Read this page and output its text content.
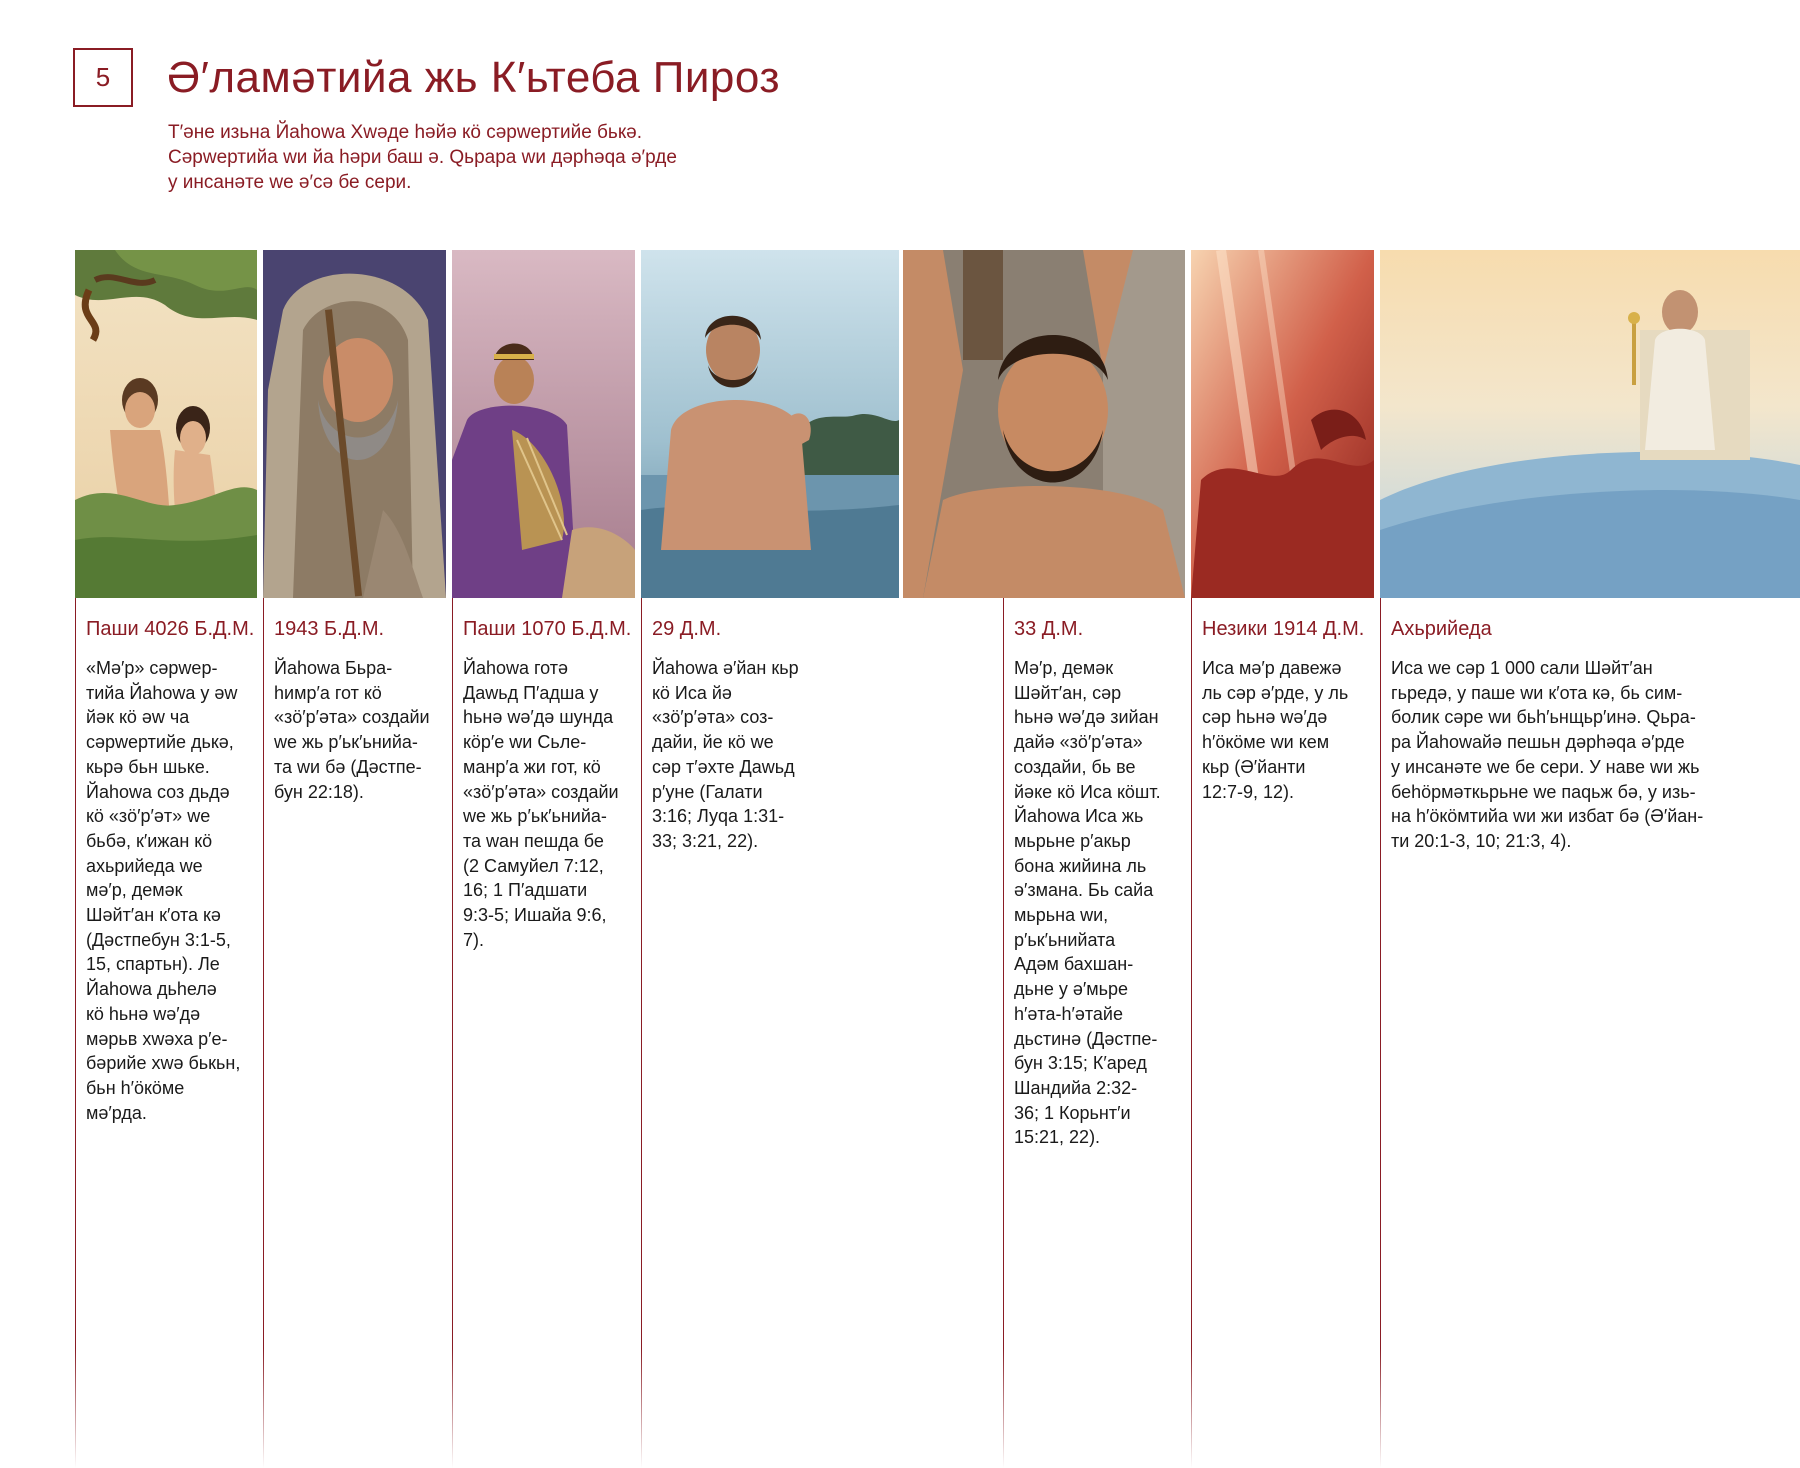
5	Ә′ламәтийа жь К′ьтеба Пироз
Т′әне изьна Йаһowa Хwәде һәйә кӧ сәрwертийе бькә.
Сәрwертийа wи йа һәри баш ә. Qьрара wи дәрһәqа ә′рде
у инсанәте wе ә′сә бе сери.
Паши 4026 Б.Д.М.
«Мә′р» сәрwер-
тийа Йаһowa у әw
йәк кӧ әw ча
сәрwертийе дькә,
кьрә бьн шьке.
Йаһowa соз дьдә
кӧ «зӧ′р′әт» wе
бьбә, к′ижан кӧ
ахьрийеда wе
мә′р, демәк
Шәйт′ан к′ота кә
(Дәстпебун 3:1-5,
15, спартьн). Ле
Йаһowa дьһелә
кӧ һьнә wә′дә
мәрьв хwәха р′е-
бәрийе хwә бькьн,
бьн һ′ӧкӧме
мә′рда.
1943 Б.Д.М.
Йаһowa Бьра-
һимр′а гот кӧ
«зӧ′р′әта» создайи
wе жь р′ьк′ьнийа-
та wи бә (Дәстпе-
бун 22:18).
Паши 1070 Б.Д.М.
Йаһowa готә
Даwьд П′адша у
һьнә wә′дә шунда
кӧр′е wи Сьле-
манр′а жи гот, кӧ
«зӧ′р′әта» создайи
wе жь р′ьк′ьнийа-
та wан пешда бе
(2 Самуйел 7:12,
16; 1 П′адшати
9:3-5; Ишайа 9:6,
7).
29 Д.М.
Йаһowa ә′йан кьр
кӧ Иса йә
«зӧ′р′әта» соз-
дайи, йе кӧ wе
сәр т′әхте Даwьд
р′уне (Галати
3:16; Луqа 1:31-
33; 3:21, 22).
33 Д.М.
Мә′р, демәк
Шәйт′ан, сәр
һьнә wә′дә зийан
дайә «зӧ′р′әта»
создайи, бь ве
йәке кӧ Иса кӧшт.
Йаһowa Иса жь
мьрьне р′акьр
бона жийина ль
ә′змана. Бь сайа
мьрьна wи,
р′ьк′ьнийата
Адәм бахшан-
дьне у ә′мьре
һ′әта-һ′әтайе
дьстинә (Дәстпе-
бун 3:15; К′аред
Шандийа 2:32-
36; 1 Корьнт′и
15:21, 22).
Незики 1914 Д.М.
Иса мә′р давежә
ль сәр ә′рде, у ль
сәр һьнә wә′дә
һ′ӧкӧме wи кем
кьр (Ә′йанти
12:7-9, 12).
Ахьрийеда
Иса wе сәр 1 000 сали Шәйт′ан
гьредә, у паше wи к′ота кә, бь сим-
болик сәре wи бьһ′ьнщьр′инә. Qьра-
ра Йаһowaйә пешьн дәрһәqа ә′рде
у инсанәте wе бе сери. У наве wи жь
беһӧрмәткьрьне wе паqьж бә, у изь-
на һ′ӧкӧмтийа wи жи избат бә (Ә′йан-
ти 20:1-3, 10; 21:3, 4).
